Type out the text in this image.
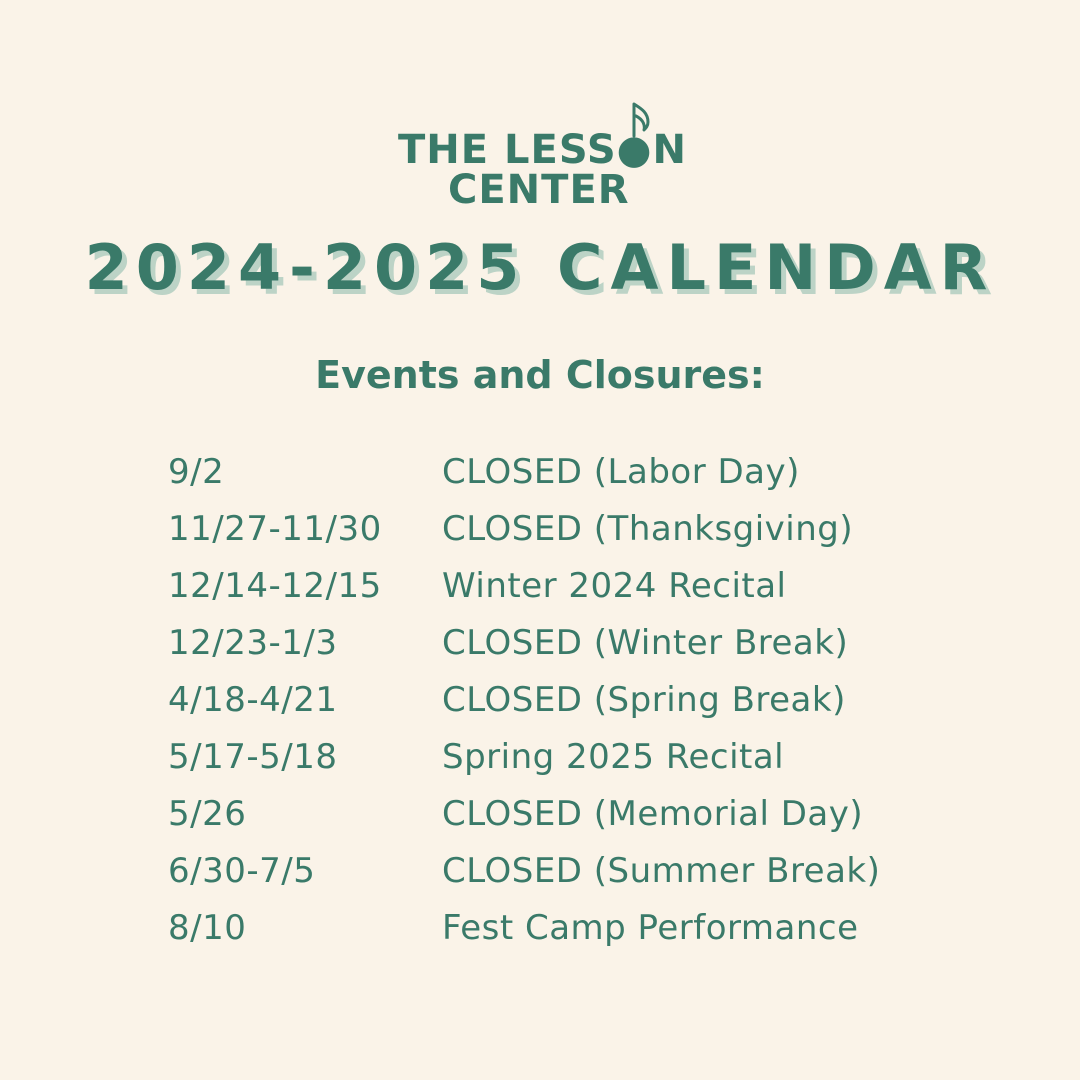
THE LESS●N
CENTER
2024-2025 CALENDAR
Events and Closures:
9/2	CLOSED (Labor Day)
11/27-11/30	CLOSED (Thanksgiving)
12/14-12/15	Winter 2024 Recital
12/23-1/3	CLOSED (Winter Break)
4/18-4/21	CLOSED (Spring Break)
5/17-5/18	Spring 2025 Recital
5/26	CLOSED (Memorial Day)
6/30-7/5	CLOSED (Summer Break)
8/10	Fest Camp Performance
